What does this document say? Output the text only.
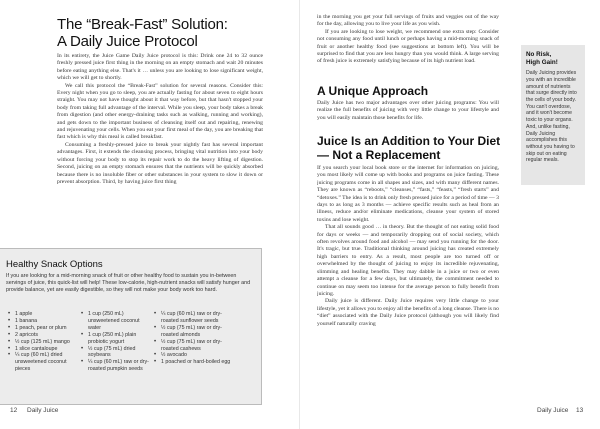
The “Break-Fast” Solution:
A Daily Juice Protocol

In its entirety, the Juice Game Daily Juice protocol is this: Drink one 24 to 32 ounce freshly pressed juice first thing in the morning on an empty stomach and wait 20 minutes before eating anything else. That's it … unless you are looking to lose significant weight, which we will get to shortly.

We call this protocol the “Break-Fast” solution for several reasons. Consider this: Every night when you go to sleep, you are actually fasting for about seven to eight hours straight. You may not have thought about it that way before, but that hasn't stopped your body from taking full advantage of the interval. While you sleep, your body takes a break from digestion (and other energy-draining tasks such as walking, running and working), and gets down to the important business of cleansing itself out and repairing, renewing and rejuvenating your cells. When you eat your first meal of the day, you are breaking that fast which is why this meal is called breakfast.

Consuming a freshly-pressed juice to break your nightly fast has several important advantages. First, it extends the cleansing process, bringing vital nutrition into your body without forcing your body to stop its repair work to do the heavy lifting of digestion. Second, juicing on an empty stomach ensures that the nutrients will be quickly absorbed because there is no insoluble fiber or other substances in your system to slow it down or prevent absorption. Third, by having juice first thing

Healthy Snack Options
If you are looking for a mid-morning snack of fruit or other healthy food to sustain you in-between servings of juice, this quick-list will help! These low-calorie, high-nutrient snacks will satisfy hunger and provide balance, yet are easily digestible, so they will not make your body work too hard.
• 1 apple
• 1 banana
• 1 peach, pear or plum
• 2 apricots
• ½ cup (125 mL) mango
• 1 slice cantaloupe
• ¼ cup (60 mL) dried unsweetened coconut pieces
• 1 cup (250 mL) unsweetened coconut water
• 1 cup (250 mL) plain probiotic yogurt
• ½ cup (75 mL) dried soybeans
• ¼ cup (60 mL) raw or dry-roasted pumpkin seeds
• ¼ cup (60 mL) raw or dry-roasted sunflower seeds
• ½ cup (75 mL) raw or dry-roasted almonds
• ½ cup (75 mL) raw or dry-roasted cashews
• ½ avocado
• 1 poached or hard-boiled egg
12 Daily Juice

in the morning you get your full servings of fruits and veggies out of the way for the day, allowing you to live your life as you wish.

If you are looking to lose weight, we recommend one extra step: Consider not consuming any food until lunch or perhaps having a mid-morning snack of fruit or another healthy food (see suggestions at bottom left). You will be surprised to find that you are less hungry than you would think. A large serving of fresh juice is extremely satisfying because of its high nutrient load.

A Unique Approach

Daily Juice has two major advantages over other juicing programs: You will realize the full benefits of juicing with very little change to your lifestyle and you will easily maintain those benefits for life.

Juice Is an Addition to Your Diet
— Not a Replacement

If you search your local book store or the internet for information on juicing, you most likely will come up with books and programs on juice fasting. These juicing programs come in all shapes and sizes, and with many different names. They are known as “reboots,” “cleanses,” “fasts,” “feasts,” “fresh starts” and “detoxes.” The idea is to drink only fresh pressed juice for a period of time — 3 days to as long as 3 months — achieve specific results such as heal from an illness, reduce and/or eliminate medications, cleanse your system of stored toxins and lose weight.

That all sounds good … in theory. But the thought of not eating solid food for days or weeks — and temporarily dropping out of social society, which often revolves around food and alcohol — may send you running for the door. It's tragic, but true. Traditional thinking around juicing has created extremely high barriers to entry. As a result, most people are too turned off or overwhelmed by the thought of juicing to enjoy its incredible rejuvenating, slimming and healing benefits. They may dabble in a juice or two or even attempt a cleanse for a few days, but ultimately, the commitment needed to continue on may seem too intense for the average person to fully benefit from juicing.

Daily juice is different. Daily Juice requires very little change to your lifestyle, yet it allows you to enjoy all the benefits of a long cleanse. There is no “diet” associated with the Daily Juice protocol (although you will likely find yourself naturally craving

No Risk,
High Gain!
Daily Juicing provides you with an incredible amount of nutrients that surge directly into the cells of your body. You can't overdose, and it won't become toxic to your organs. And, unlike fasting, Daily Juicing accomplishes this without you having to skip out on eating regular meals.
Daily Juice 13
